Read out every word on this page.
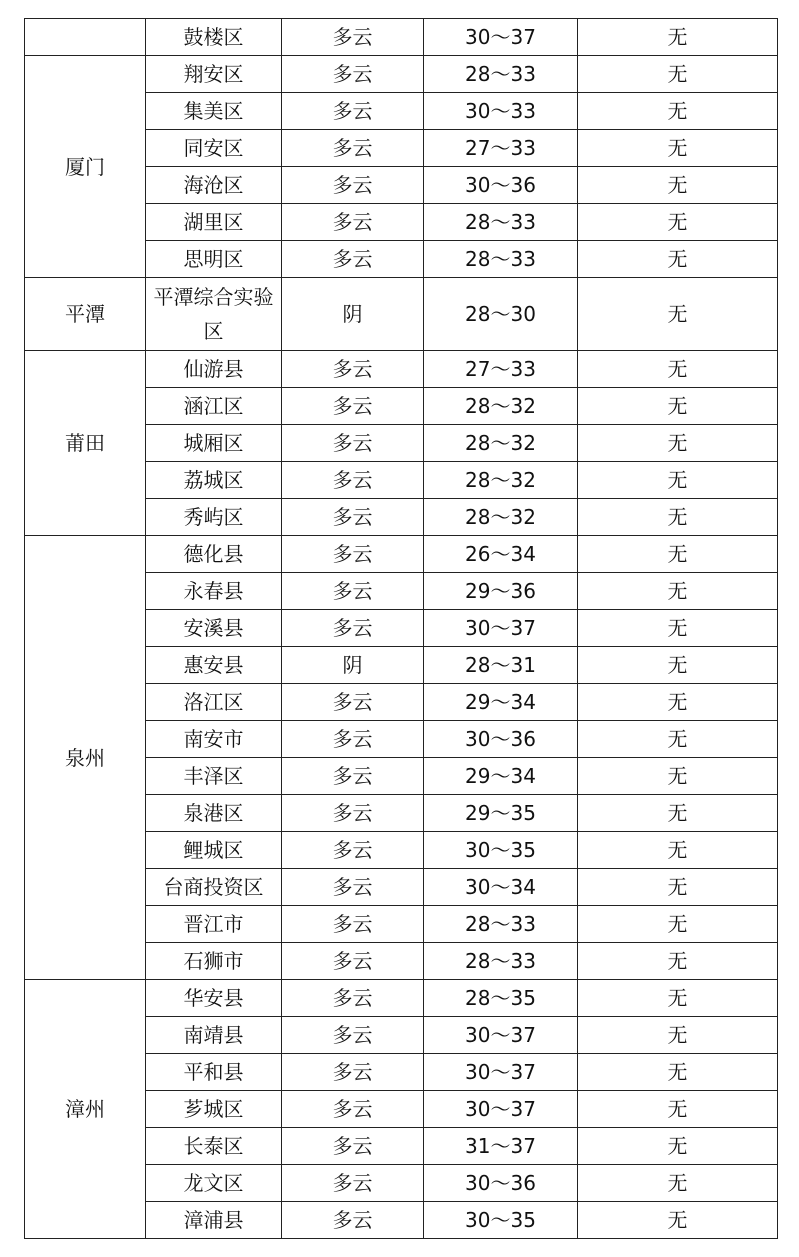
	鼓楼区	多云	30～37	无
厦门	翔安区	多云	28～33	无
	集美区	多云	30～33	无
	同安区	多云	27～33	无
	海沧区	多云	30～36	无
	湖里区	多云	28～33	无
	思明区	多云	28～33	无
平潭	平潭综合实验区	阴	28～30	无
莆田	仙游县	多云	27～33	无
	涵江区	多云	28～32	无
	城厢区	多云	28～32	无
	荔城区	多云	28～32	无
	秀屿区	多云	28～32	无
泉州	德化县	多云	26～34	无
	永春县	多云	29～36	无
	安溪县	多云	30～37	无
	惠安县	阴	28～31	无
	洛江区	多云	29～34	无
	南安市	多云	30～36	无
	丰泽区	多云	29～34	无
	泉港区	多云	29～35	无
	鲤城区	多云	30～35	无
	台商投资区	多云	30～34	无
	晋江市	多云	28～33	无
	石狮市	多云	28～33	无
漳州	华安县	多云	28～35	无
	南靖县	多云	30～37	无
	平和县	多云	30～37	无
	芗城区	多云	30～37	无
	长泰区	多云	31～37	无
	龙文区	多云	30～36	无
	漳浦县	多云	30～35	无
